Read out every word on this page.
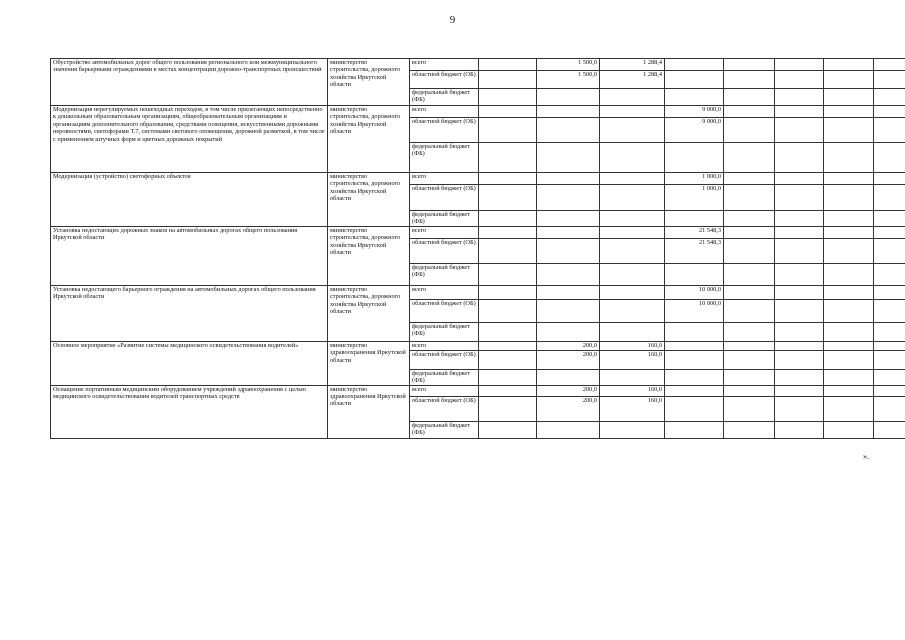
9
Обустройство автомобильных дорог общего пользования регионального или межмуниципального значения барьерными ограждениями в местах концентрации дорожно-транспортных происшествий	министерство строительства, дорожного хозяйства Иркутской области	всего		1 500,0	1 288,4						
		областной бюджет (ОБ)		1 500,0	1 288,4						
		федеральный бюджет (ФБ)									
Модернизация нерегулируемых пешеходных переходов, в том числе прилегающих непосредственно к дошкольным образовательным организациям, общеобразовательным организациям и организациям дополнительного образования, средствами освещения, искусственными дорожными неровностями, светофорами Т.7, системами светового оповещения, дорожной разметкой, в том числе с применением штучных форм и цветных дорожных покрытий	министерство строительства, дорожного хозяйства Иркутской области	всего				9 000,0					
		областной бюджет (ОБ)				9 000,0					
		федеральный бюджет (ФБ)									
Модернизация (устройство) светофорных объектов	министерство строительства, дорожного хозяйства Иркутской области	всего				1 000,0					
		областной бюджет (ОБ)				1 000,0					
		федеральный бюджет (ФБ)									
Установка недостающих дорожных знаков на автомобильных дорогах общего пользования Иркутской области	министерство строительства, дорожного хозяйства Иркутской области	всего				21 548,3					
		областной бюджет (ОБ)				21 548,3					
		федеральный бюджет (ФБ)									
Установка недостающего барьерного ограждения на автомобильных дорогах общего пользования Иркутской области	министерство строительства, дорожного хозяйства Иркутской области	всего				10 000,0					
		областной бюджет (ОБ)				10 000,0					
		федеральный бюджет (ФБ)									
Основное мероприятие «Развитие системы медицинского освидетельствования водителей»	министерство здравоохранения Иркутской области	всего		200,0	160,0						
		областной бюджет (ОБ)		200,0	160,0						
		федеральный бюджет (ФБ)									
Оснащение портативным медицинским оборудованием учреждений здравоохранения с целью медицинского освидетельствования водителей транспортных средств	министерство здравоохранения Иркутской области	всего		200,0	160,0						
		областной бюджет (ОБ)		200,0	160,0						
		федеральный бюджет (ФБ)									
».
